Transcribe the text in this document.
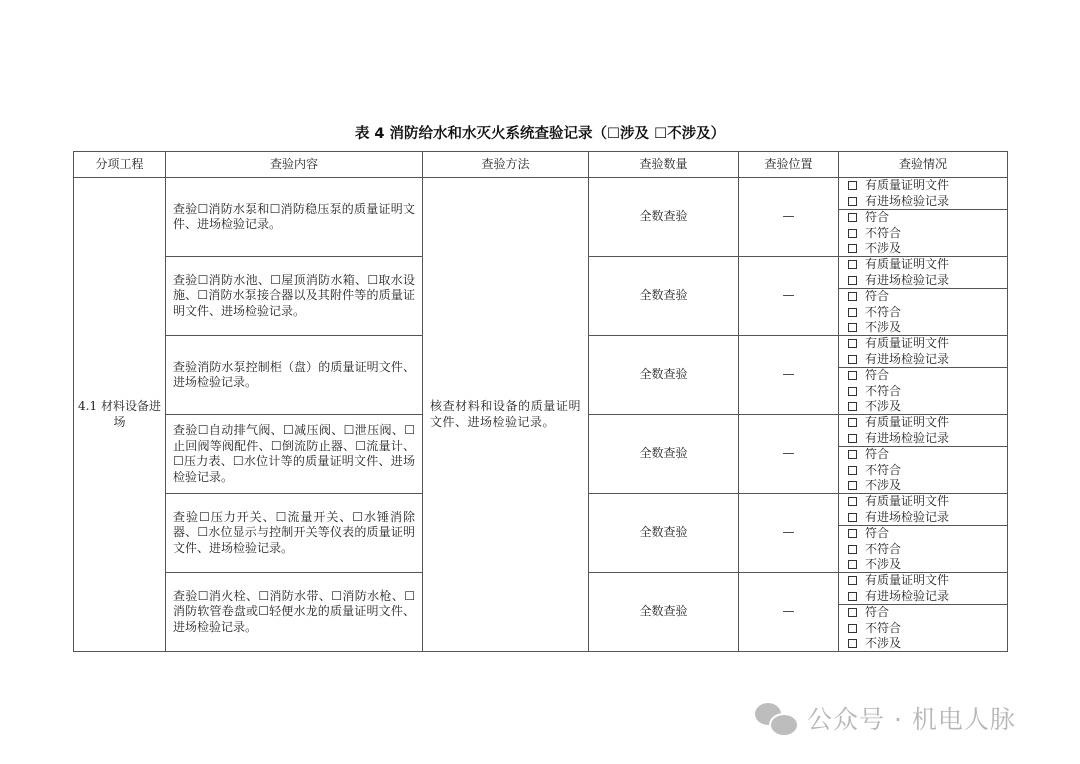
表 4 消防给水和水灭火系统查验记录（☐涉及 ☐不涉及）
分项工程	查验内容	查验方法	查验数量	查验位置	查验情况
4.1 材料设备进场	查验☐消防水泵和☐消防稳压泵的质量证明文件、进场检验记录。	核查材料和设备的质量证明文件、进场检验记录。	全数查验	—	有质量证明文件
有进场检验记录
符合
不符合
不涉及

	查验☐消防水池、☐屋顶消防水箱、☐取水设施、☐消防水泵接合器以及其附件等的质量证明文件、进场检验记录。		全数查验	—	有质量证明文件
有进场检验记录
符合
不符合
不涉及

	查验消防水泵控制柜（盘）的质量证明文件、进场检验记录。		全数查验	—	有质量证明文件
有进场检验记录
符合
不符合
不涉及

	查验☐自动排气阀、☐减压阀、☐泄压阀、☐止回阀等阀配件、☐倒流防止器、☐流量计、☐压力表、☐水位计等的质量证明文件、进场检验记录。		全数查验	—	有质量证明文件
有进场检验记录
符合
不符合
不涉及

	查验☐压力开关、☐流量开关、☐水锤消除器、☐水位显示与控制开关等仪表的质量证明文件、进场检验记录。		全数查验	—	有质量证明文件
有进场检验记录
符合
不符合
不涉及

	查验☐消火栓、☐消防水带、☐消防水枪、☐消防软管卷盘或☐轻便水龙的质量证明文件、进场检验记录。		全数查验	—	有质量证明文件
有进场检验记录
符合
不符合
不涉及
公众号 · 机电人脉
